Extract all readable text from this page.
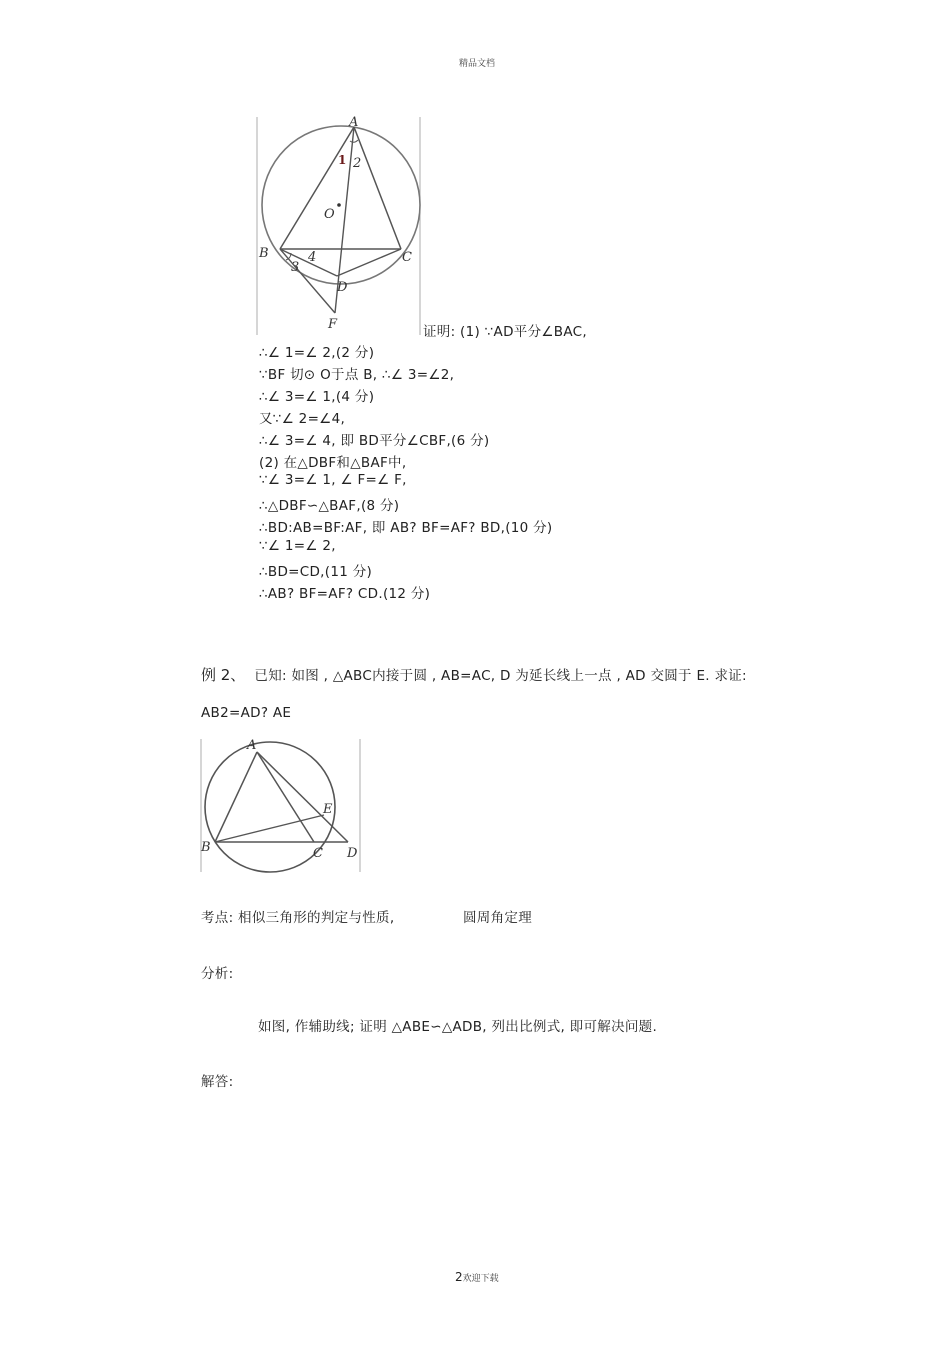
精品文档
A
B	C
D
F
O
1 2
3
4
证明: (1) ∵AD平分∠BAC,
∴∠ 1=∠ 2,(2 分)
∵BF 切⊙ O于点 B, ∴∠ 3=∠2,
∴∠ 3=∠ 1,(4 分)
又∵∠ 2=∠4,
∴∠ 3=∠ 4, 即 BD平分∠CBF,(6 分)
(2) 在△DBF和△BAF中,
∵∠ 3=∠ 1, ∠ F=∠ F,
∴△DBF∽△BAF,(8 分)
∴BD:AB=BF:AF, 即 AB? BF=AF? BD,(10 分)
∵∠ 1=∠ 2,
∴BD=CD,(11 分)
∴AB? BF=AF? CD.(12 分)
例 2、 已知: 如图 , △ABC内接于圆 , AB=AC, D 为延长线上一点 , AD 交圆于 E. 求证:
AB2=AD? AE
A
B	C D
E
考点: 相似三角形的判定与性质,	圆周角定理
分析:
如图, 作辅助线; 证明 △ABE∽△ADB, 列出比例式, 即可解决问题.
解答:
2欢迎下载
